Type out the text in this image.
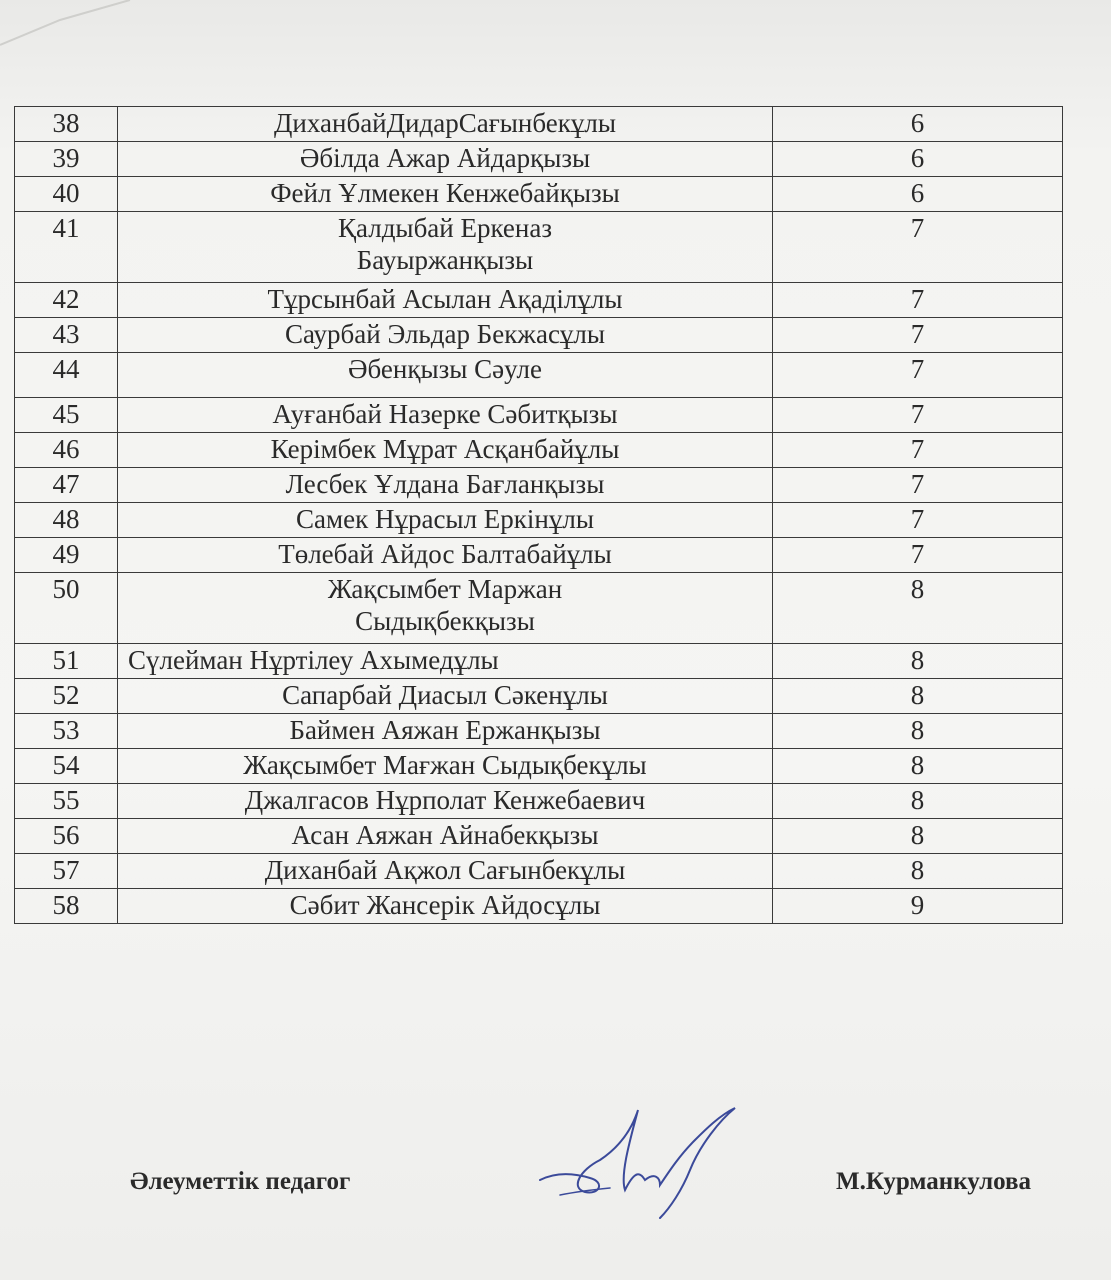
38	ДиханбайДидарСағынбекұлы	6
39	Әбілда Ажар Айдарқызы	6
40	Фейл Ұлмекен Кенжебайқызы	6
41	Қалдыбай Еркеназ
Бауыржанқызы	7
42	Тұрсынбай Асылан Ақаділұлы	7
43	Саурбай Эльдар Бекжасұлы	7
44	Әбенқызы Сәуле	7
45	Ауғанбай Назерке Сәбитқызы	7
46	Керімбек Мұрат Асқанбайұлы	7
47	Лесбек Ұлдана Бағланқызы	7
48	Самек Нұрасыл Еркінұлы	7
49	Төлебай Айдос Балтабайұлы	7
50	Жақсымбет Маржан
Сыдықбекқызы	8
51	Сүлейман Нұртілеу Ахымедұлы	8
52	Сапарбай Диасыл Сәкенұлы	8
53	Баймен Аяжан Ержанқызы	8
54	Жақсымбет Мағжан Сыдықбекұлы	8
55	Джалгасов Нұрполат Кенжебаевич	8
56	Асан Аяжан Айнабекқызы	8
57	Диханбай Ақжол Сағынбекұлы	8
58	Сәбит Жансерік Айдосұлы	9
Әлеуметтік педагог	М.Курманкулова
